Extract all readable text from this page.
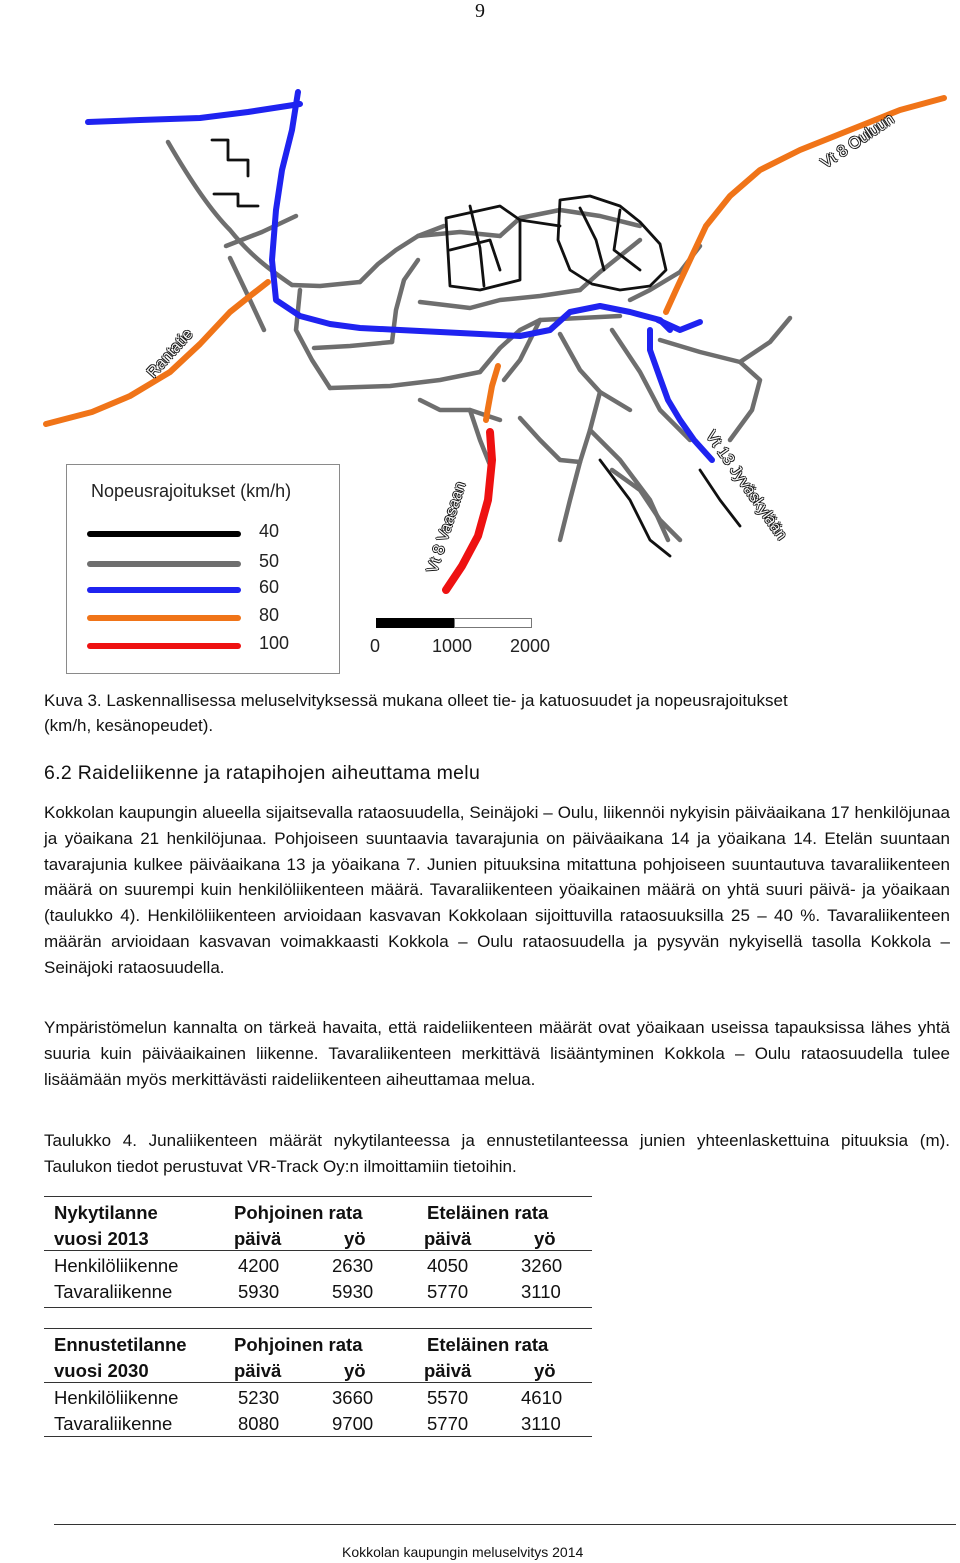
9
Rantatie
Vt 8 Ouluun
Vt 13 Jyväskylään
Vt 8 Vaasaan
Nopeusrajoitukset (km/h)
40
50
60
80
100	0	1000 2000
Kuva 3. Laskennallisessa meluselvityksessä mukana olleet tie- ja katuosuudet ja nopeusrajoitukset
(km/h, kesänopeudet).
6.2 Raideliikenne ja ratapihojen aiheuttama melu

Kokkolan kaupungin alueella sijaitsevalla rataosuudella, Seinäjoki – Oulu, liikennöi nykyisin päiväaikana 17 henkilöjunaa ja yöaikana 21 henkilöjunaa. Pohjoiseen suuntaavia tavarajunia on päiväaikana 14 ja yöaikana 14. Etelän suuntaan tavarajunia kulkee päiväaikana 13 ja yöaikana 7. Junien pituuksina mitattuna pohjoiseen suuntautuva tavaraliikenteen määrä on suurempi kuin henkilöliikenteen määrä. Tavaraliikenteen yöaikainen määrä on yhtä suuri päivä- ja yöaikaan (taulukko 4). Henkilöliikenteen arvioidaan kasvavan Kokkolaan sijoittuvilla rataosuuksilla 25 – 40 %. Tavaraliikenteen määrän arvioidaan kasvavan voimakkaasti Kokkola – Oulu rataosuudella ja pysyvän nykyisellä tasolla Kokkola – Seinäjoki rataosuudella.

Ympäristömelun kannalta on tärkeä havaita, että raideliikenteen määrät ovat yöaikaan useissa tapauksissa lähes yhtä suuria kuin päiväaikainen liikenne. Tavaraliikenteen merkittävä lisääntyminen Kokkola – Oulu rataosuudella tulee lisäämään myös merkittävästi raideliikenteen aiheuttamaa melua.

Taulukko 4. Junaliikenteen määrät nykytilanteessa ja ennustetilanteessa junien yhteenlaskettuina pituuksia (m). Taulukon tiedot perustuvat VR-Track Oy:n ilmoittamiin tietoihin.

Nykytilanne
vuosi 2013
Pohjoinen rata	Eteläinen rata
päivä	yö	päivä	yö
Henkilöliikenne	4200	2630	4050	3260
Tavaraliikenne	5930	5930	5770	3110
Ennustetilanne
vuosi 2030
Pohjoinen rata	Eteläinen rata
päivä	yö	päivä	yö
Henkilöliikenne	5230	3660	5570	4610
Tavaraliikenne	8080	9700	5770	3110
Kokkolan kaupungin meluselvitys 2014
